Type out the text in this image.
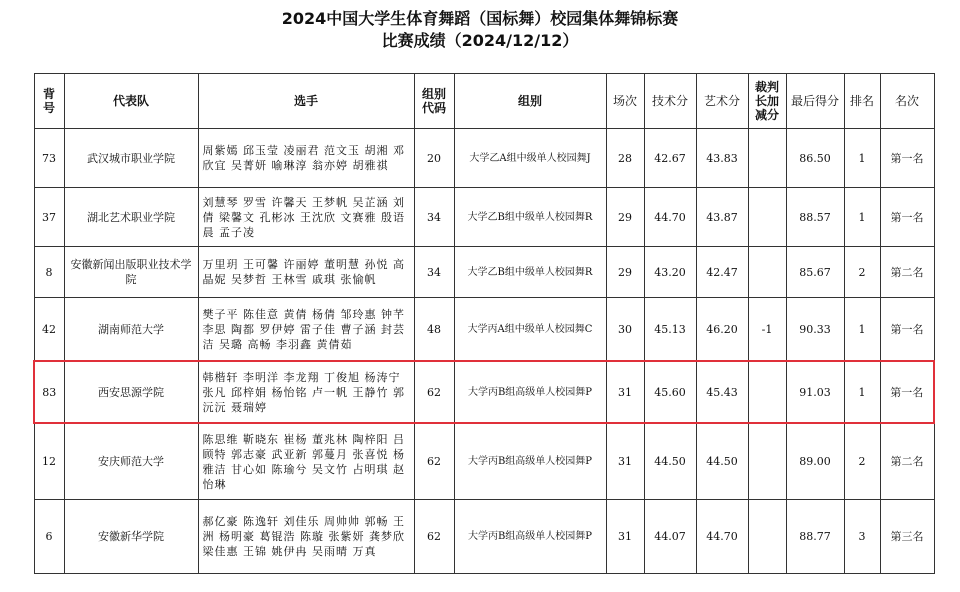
2024中国大学生体育舞蹈（国标舞）校园集体舞锦标赛
比赛成绩（2024/12/12）
背号	代表队	选手	组别代码	组别	场次	技术分	艺术分	裁判长加减分	最后得分	排名	名次
73	武汉城市职业学院	周紫嫣 邱玉莹 凌丽君 范文玉 胡湘 邓欣宜 吴菁妍 喻琳淳 翁亦婷 胡雅祺	20	大学乙A组中级单人校园舞J	28	42.67	43.83		86.50	1	第一名
37	湖北艺术职业学院	刘慧琴 罗雪 许馨天 王梦帆 吴芷涵 刘倩 梁馨文 孔彬冰 王沈欣 文赛雅 殷语晨 孟子凌	34	大学乙B组中级单人校园舞R	29	44.70	43.87		88.57	1	第一名
8	安徽新闻出版职业技术学院	万里玥 王可馨 许丽婷 董明慧 孙悦 高晶妮 吴梦哲 王林雪 戚琪 张愉帆	34	大学乙B组中级单人校园舞R	29	43.20	42.47		85.67	2	第二名
42	湖南师范大学	樊子平 陈佳意 黄倩 杨倩 邹玲惠 钟芊李思 陶都 罗伊婷 雷子佳 曹子涵 封芸洁 吴璐 高畅 李羽鑫 黄倩茹	48	大学丙A组中级单人校园舞C	30	45.13	46.20	-1	90.33	1	第一名
83	西安思源学院	韩楷轩 李明洋 李龙翔 丁俊旭 杨涛宁张凡 邱梓娟 杨怡铭 卢一帆 王静竹 郭沅沅 聂瑞婷	62	大学丙B组高级单人校园舞P	31	45.60	45.43		91.03	1	第一名
12	安庆师范大学	陈思维 靳晓东 崔杨 董兆林 陶梓阳 吕顾特 郭志豪 武亚新 郭蔓月 张喜悦 杨雅洁 甘心如 陈瑜兮 吴文竹 占明琪 赵怡琳	62	大学丙B组高级单人校园舞P	31	44.50	44.50		89.00	2	第二名
6	安徽新华学院	郝亿豪 陈逸轩 刘佳乐 周帅帅 郭畅 王洲 杨明豪 葛锟浩 陈璇 张紫妍 龚梦欣 梁佳惠 王锦 姚伊冉 吴雨晴 万真	62	大学丙B组高级单人校园舞P	31	44.07	44.70		88.77	3	第三名
